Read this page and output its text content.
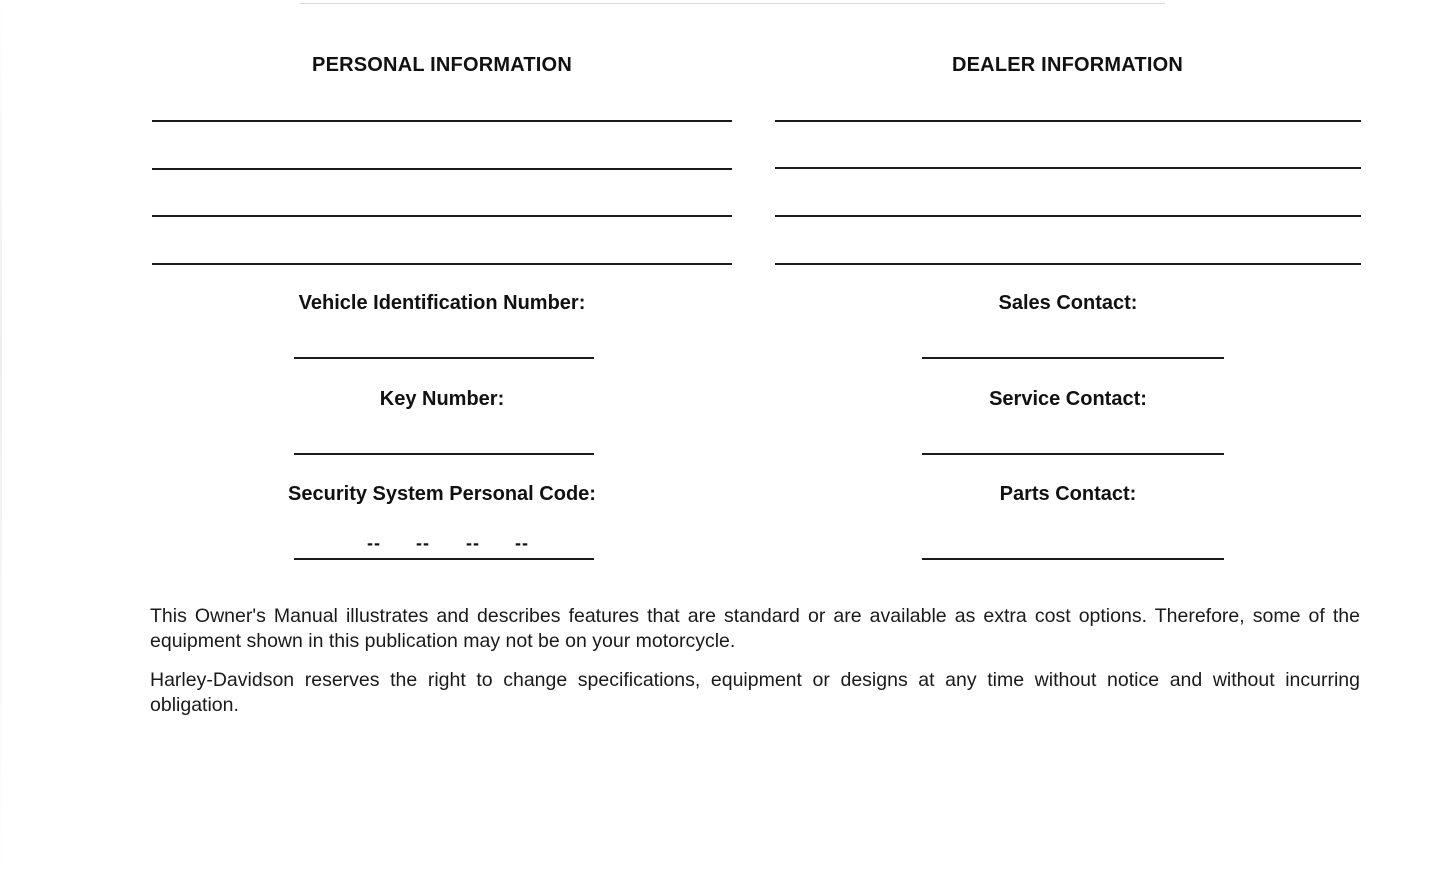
PERSONAL INFORMATION	DEALER INFORMATION
Vehicle Identification Number:
Key Number:
Security System Personal Code:
-- -- -- --
Sales Contact:
Service Contact:
Parts Contact:

This Owner's Manual illustrates and describes features that are standard or are available as extra cost options. Therefore, some of the equipment shown in this publication may not be on your motorcycle.

Harley-Davidson reserves the right to change specifications, equipment or designs at any time without notice and without incurring obligation.
